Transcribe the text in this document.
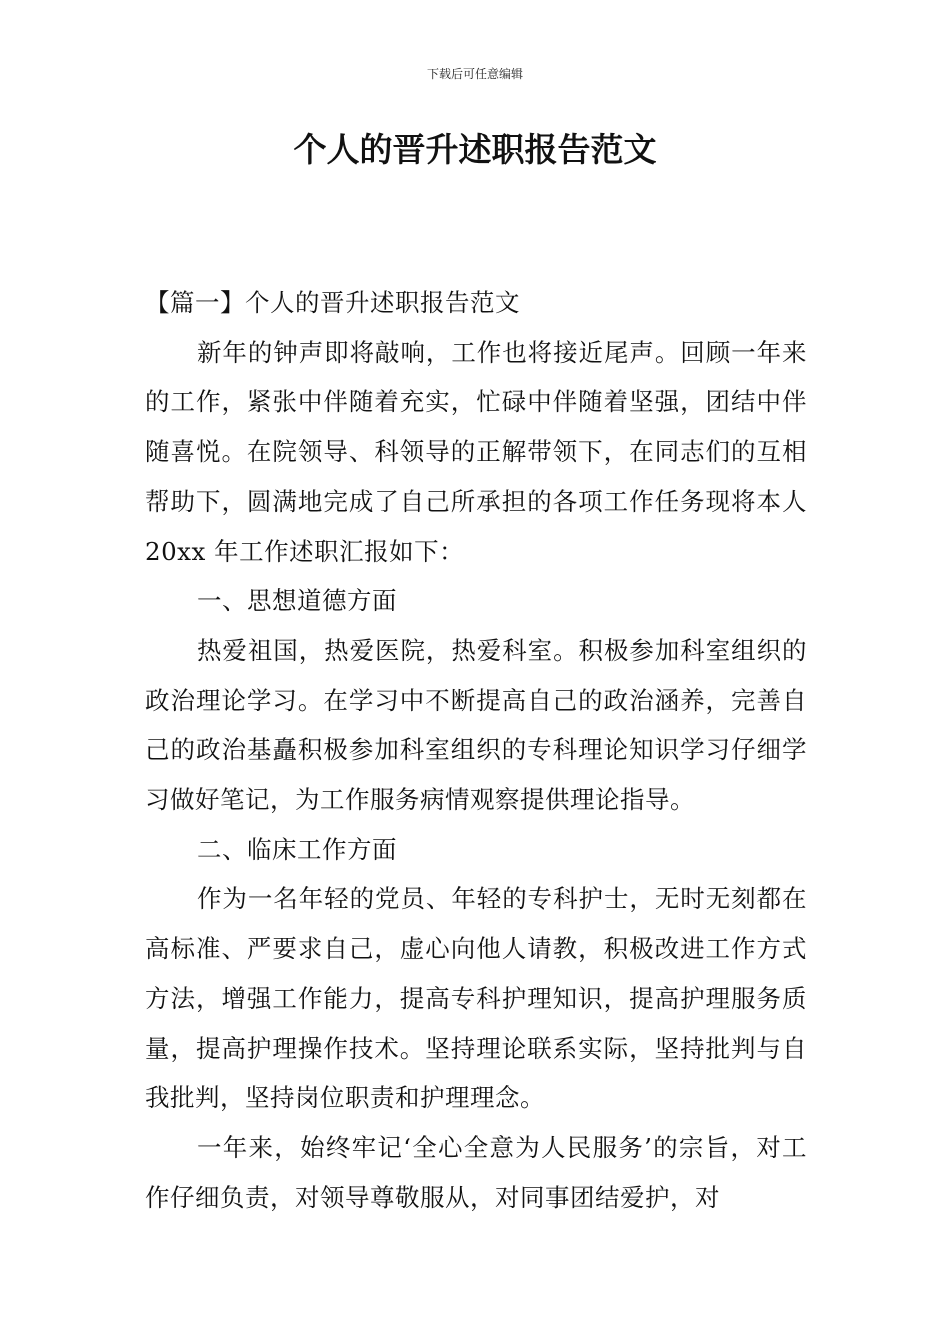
下载后可任意编辑
个人的晋升述职报告范文

【篇一】个人的晋升述职报告范文

新年的钟声即将敲响，工作也将接近尾声。回顾一年来的工作，紧张中伴随着充实，忙碌中伴随着坚强，团结中伴随喜悦。在院领导、科领导的正解带领下，在同志们的互相帮助下，圆满地完成了自己所承担的各项工作任务现将本人 20xx 年工作述职汇报如下：

一、思想道德方面

热爱祖国，热爱医院，热爱科室。积极参加科室组织的政治理论学习。在学习中不断提高自己的政治涵养，完善自己的政治基矗积极参加科室组织的专科理论知识学习仔细学习做好笔记，为工作服务病情观察提供理论指导。

二、临床工作方面

作为一名年轻的党员、年轻的专科护士，无时无刻都在高标准、严要求自己，虚心向他人请教，积极改进工作方式方法，增强工作能力，提高专科护理知识，提高护理服务质量，提高护理操作技术。坚持理论联系实际，坚持批判与自我批判，坚持岗位职责和护理理念。

一年来，始终牢记‘全心全意为人民服务’的宗旨，对工作仔细负责，对领导尊敬服从，对同事团结爱护，对
